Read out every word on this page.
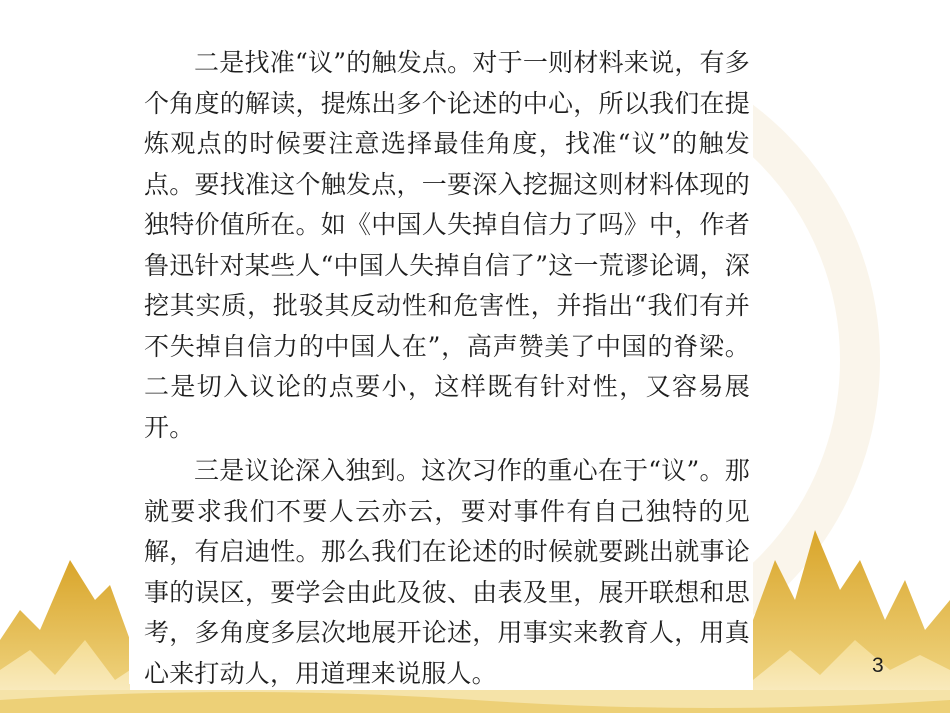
二是找准“议”的触发点。对于一则材料来说，有多个角度的解读，提炼出多个论述的中心，所以我们在提炼观点的时候要注意选择最佳角度，找准“议”的触发点。要找准这个触发点，一要深入挖掘这则材料体现的独特价值所在。如《中国人失掉自信力了吗》中，作者鲁迅针对某些人“中国人失掉自信了”这一荒谬论调，深挖其实质，批驳其反动性和危害性，并指出“我们有并不失掉自信力的中国人在”，高声赞美了中国的脊梁。二是切入议论的点要小，这样既有针对性，又容易展开。

三是议论深入独到。这次习作的重心在于“议”。那就要求我们不要人云亦云，要对事件有自己独特的见解，有启迪性。那么我们在论述的时候就要跳出就事论事的误区，要学会由此及彼、由表及里，展开联想和思考，多角度多层次地展开论述，用事实来教育人，用真心来打动人，用道理来说服人。	3
